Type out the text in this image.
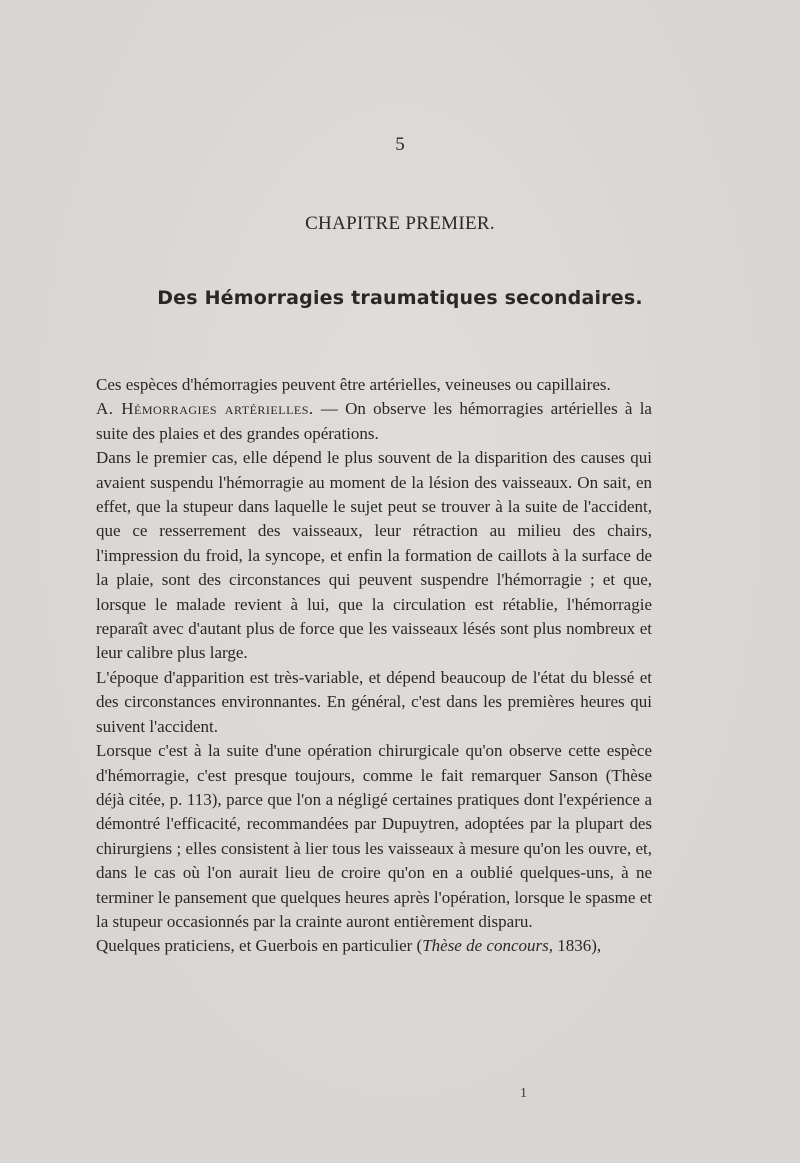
5
CHAPITRE PREMIER.
Des Hémorragies traumatiques secondaires.

Ces espèces d'hémorragies peuvent être artérielles, veineuses ou capillaires.

A. Hémorragies artérielles. — On observe les hémorragies artérielles à la suite des plaies et des grandes opérations.

Dans le premier cas, elle dépend le plus souvent de la disparition des causes qui avaient suspendu l'hémorragie au moment de la lésion des vaisseaux. On sait, en effet, que la stupeur dans laquelle le sujet peut se trouver à la suite de l'accident, que ce resserrement des vaisseaux, leur rétraction au milieu des chairs, l'impression du froid, la syncope, et enfin la formation de caillots à la surface de la plaie, sont des circonstances qui peuvent suspendre l'hémorragie ; et que, lorsque le malade revient à lui, que la circulation est rétablie, l'hémorragie reparaît avec d'autant plus de force que les vaisseaux lésés sont plus nombreux et leur calibre plus large.

L'époque d'apparition est très-variable, et dépend beaucoup de l'état du blessé et des circonstances environnantes. En général, c'est dans les premières heures qui suivent l'accident.

Lorsque c'est à la suite d'une opération chirurgicale qu'on observe cette espèce d'hémorragie, c'est presque toujours, comme le fait remarquer Sanson (Thèse déjà citée, p. 113), parce que l'on a négligé certaines pratiques dont l'expérience a démontré l'efficacité, recommandées par Dupuytren, adoptées par la plupart des chirurgiens ; elles consistent à lier tous les vaisseaux à mesure qu'on les ouvre, et, dans le cas où l'on aurait lieu de croire qu'on en a oublié quelques-uns, à ne terminer le pansement que quelques heures après l'opération, lorsque le spasme et la stupeur occasionnés par la crainte auront entièrement disparu.

Quelques praticiens, et Guerbois en particulier (Thèse de concours, 1836),

1
